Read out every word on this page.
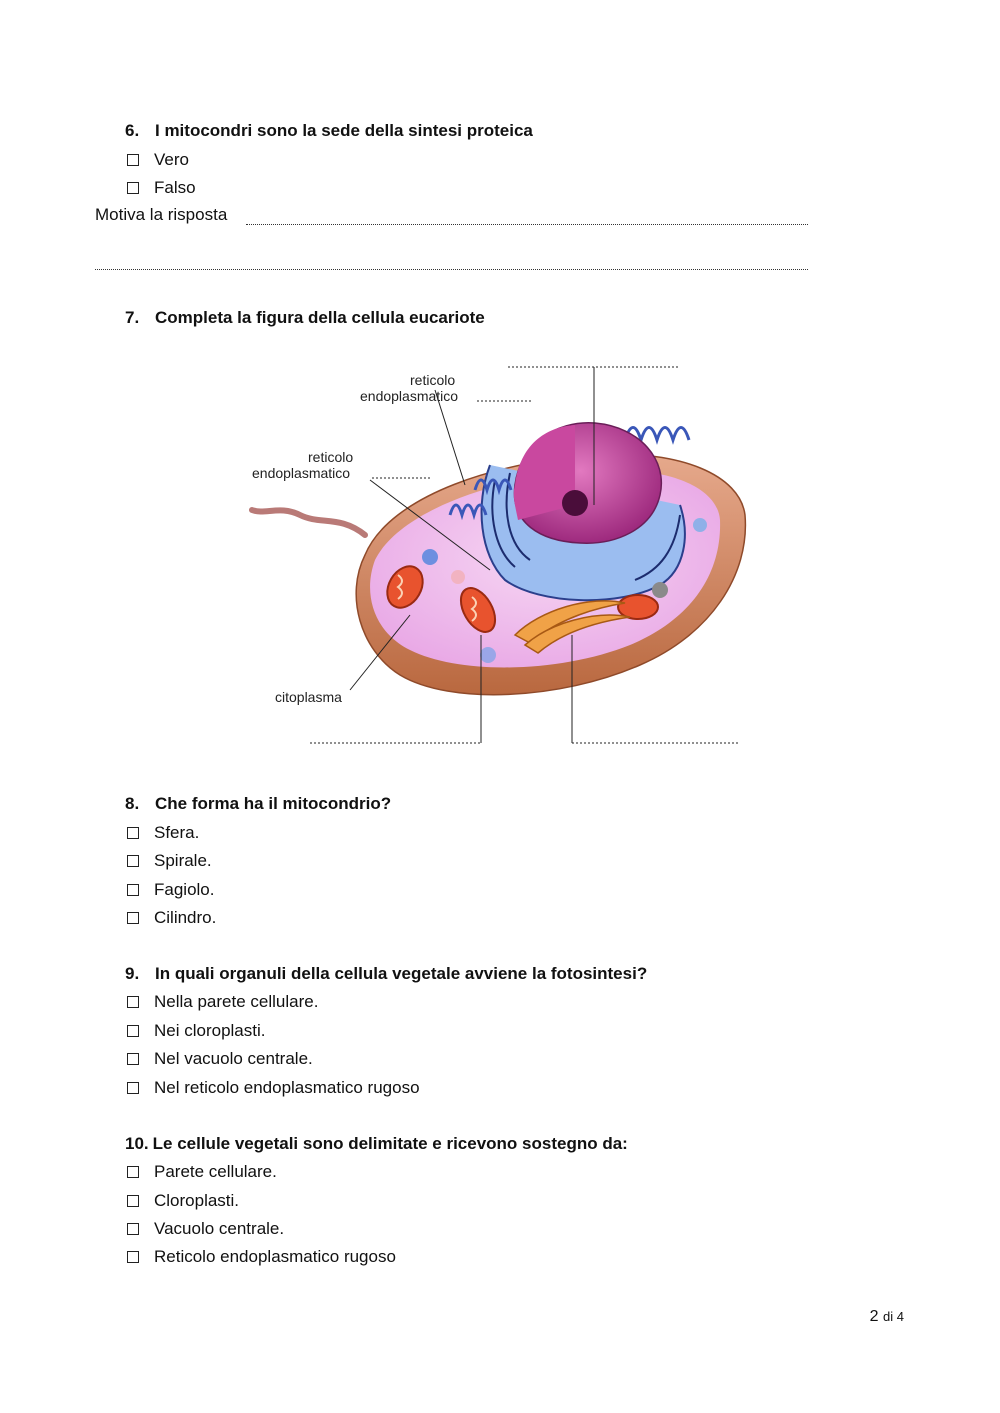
6. I mitocondri sono la sede della sintesi proteica
Vero
Falso
Motiva la risposta
7. Completa la figura della cellula eucariote
reticolo
endoplasmatico
reticolo
endoplasmatico
citoplasma
8. Che forma ha il mitocondrio?
Sfera.
Spirale.
Fagiolo.
Cilindro.
9. In quali organuli della cellula vegetale avviene la fotosintesi?
Nella parete cellulare.
Nei cloroplasti.
Nel vacuolo centrale.
Nel reticolo endoplasmatico rugoso
10. Le cellule vegetali sono delimitate e ricevono sostegno da:
Parete cellulare.
Cloroplasti.
Vacuolo centrale.
Reticolo endoplasmatico rugoso
2 di 4
